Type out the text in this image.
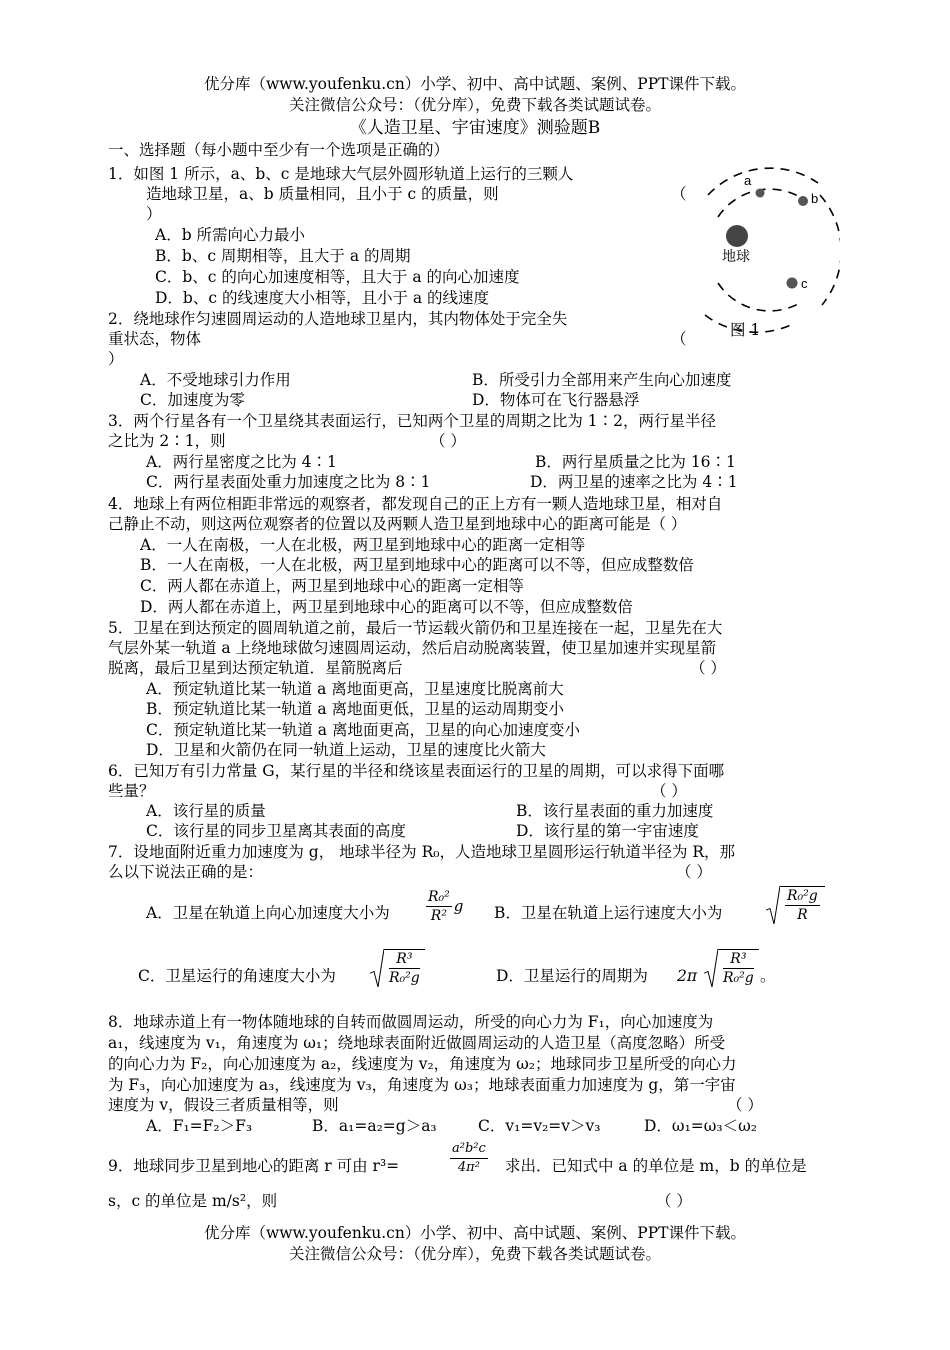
优分库（www.youfenku.cn）小学、初中、高中试题、案例、PPT课件下载。
关注微信公众号：（优分库），免费下载各类试题试卷。
《人造卫星、宇宙速度》测验题B
一、选择题（每小题中至少有一个选项是正确的）
a
b
c
地球
图 1
1．如图 1 所示，a、b、c 是地球大气层外圆形轨道上运行的三颗人
造地球卫星，a、b 质量相同，且小于 c 的质量，则	（
）
A．b 所需向心力最小
B．b、c 周期相等，且大于 a 的周期
C．b、c 的向心加速度相等，且大于 a 的向心加速度
D．b、c 的线速度大小相等，且小于 a 的线速度
2．绕地球作匀速圆周运动的人造地球卫星内，其内物体处于完全失
重状态，物体	（
）
A．不受地球引力作用	B．所受引力全部用来产生向心加速度
C．加速度为零	D．物体可在飞行器悬浮
3．两个行星各有一个卫星绕其表面运行，已知两个卫星的周期之比为 1∶2，两行星半径
之比为 2∶1，则	（ ）
A．两行星密度之比为 4∶1	B．两行星质量之比为 16∶1
C．两行星表面处重力加速度之比为 8∶1	D．两卫星的速率之比为 4∶1
4．地球上有两位相距非常远的观察者，都发现自己的正上方有一颗人造地球卫星，相对自
己静止不动，则这两位观察者的位置以及两颗人造卫星到地球中心的距离可能是（ ）
A．一人在南极，一人在北极，两卫星到地球中心的距离一定相等
B．一人在南极，一人在北极，两卫星到地球中心的距离可以不等，但应成整数倍
C．两人都在赤道上，两卫星到地球中心的距离一定相等
D．两人都在赤道上，两卫星到地球中心的距离可以不等，但应成整数倍
5．卫星在到达预定的圆周轨道之前，最后一节运载火箭仍和卫星连接在一起，卫星先在大
气层外某一轨道 a 上绕地球做匀速圆周运动，然后启动脱离装置，使卫星加速并实现星箭
脱离，最后卫星到达预定轨道．星箭脱离后	（ ）
A．预定轨道比某一轨道 a 离地面更高，卫星速度比脱离前大
B．预定轨道比某一轨道 a 离地面更低，卫星的运动周期变小
C．预定轨道比某一轨道 a 离地面更高，卫星的向心加速度变小
D．卫星和火箭仍在同一轨道上运动，卫星的速度比火箭大
6．已知万有引力常量 G，某行星的半径和绕该星表面运行的卫星的周期，可以求得下面哪
些量？	（ ）
A．该行星的质量	B．该行星表面的重力加速度
C．该行星的同步卫星离其表面的高度	D．该行星的第一宇宙速度
7．设地面附近重力加速度为 g， 地球半径为 R₀，人造地球卫星圆形运行轨道半径为 R，那
么以下说法正确的是：	（ ）
A．卫星在轨道上向心加速度大小为	$\frac{\text{R₀²}}{\text{R²}}$ g B．卫星在轨道上运行速度大小为	$\frac{\text{R₀²g}}{R}$
C．卫星运行的角速度大小为	$\frac{\text{R³}}{\text{R₀²g}}$	D．卫星运行的周期为 $2\pi \frac{\text{R³}}{\text{R₀²g}}$ 。
8．地球赤道上有一物体随地球的自转而做圆周运动，所受的向心力为 F₁，向心加速度为
a₁，线速度为 v₁，角速度为 ω₁；绕地球表面附近做圆周运动的人造卫星（高度忽略）所受
的向心力为 F₂，向心加速度为 a₂，线速度为 v₂，角速度为 ω₂；地球同步卫星所受的向心力
为 F₃，向心加速度为 a₃，线速度为 v₃，角速度为 ω₃；地球表面重力加速度为 g，第一宇宙
速度为 v，假设三者质量相等，则	（ ）
A．F₁=F₂＞F₃	B．a₁=a₂=g＞a₃	C．v₁=v₂=v＞v₃	D．ω₁=ω₃＜ω₂
9．地球同步卫星到地心的距离 r 可由 r³=	$\frac{\text{a²b²c}}{\text{4π²}}$ 求出．已知式中 a 的单位是 m，b 的单位是
s，c 的单位是 m/s²，则	（ ）
优分库（www.youfenku.cn）小学、初中、高中试题、案例、PPT课件下载。
关注微信公众号：（优分库），免费下载各类试题试卷。
